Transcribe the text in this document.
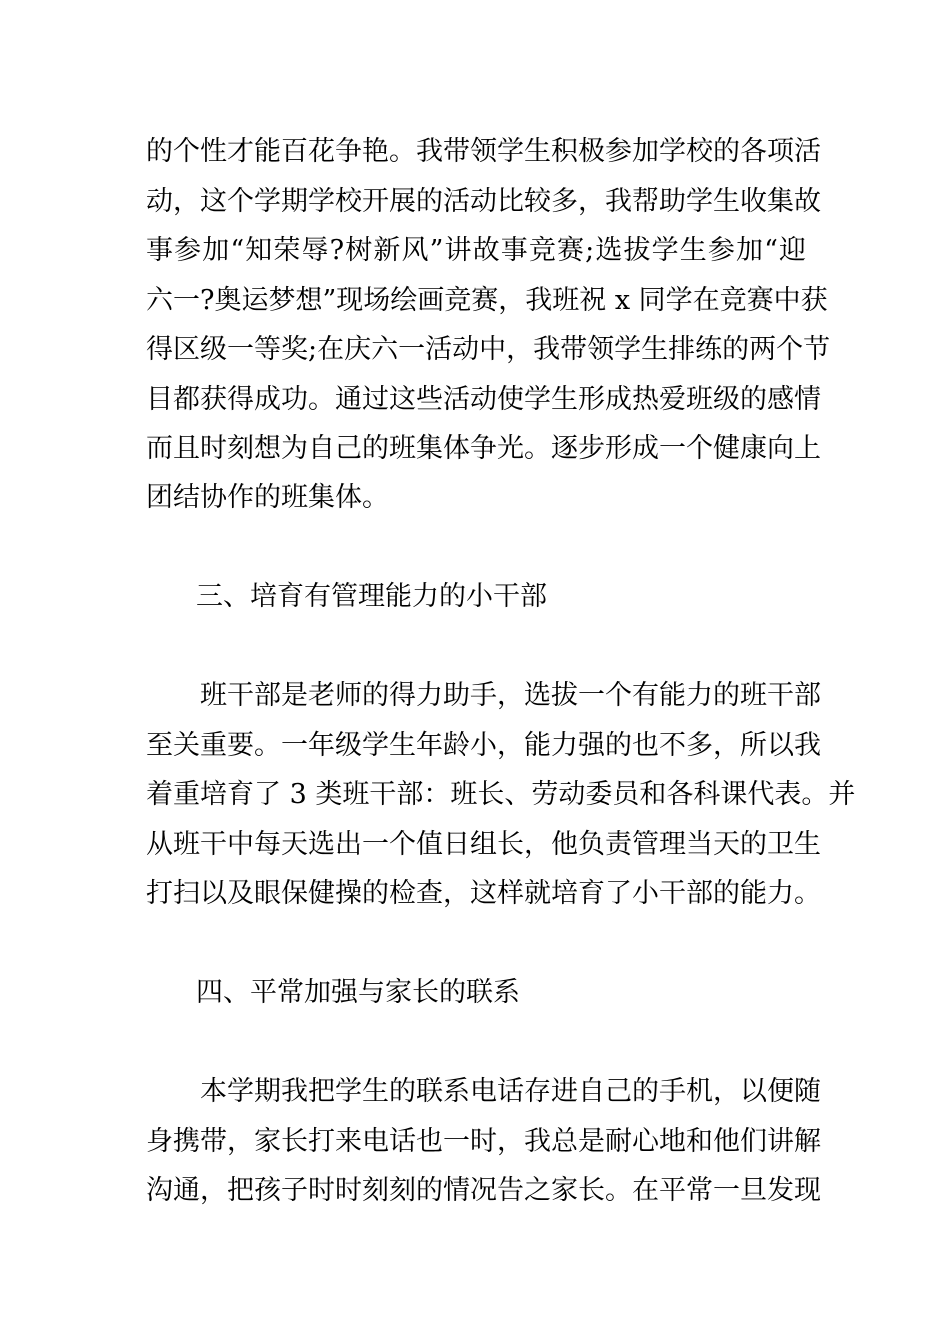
的个性才能百花争艳。我带领学生积极参加学校的各项活
动，这个学期学校开展的活动比较多，我帮助学生收集故
事参加“知荣辱?树新风”讲故事竞赛;选拔学生参加“迎
六一?奥运梦想”现场绘画竞赛，我班祝 x 同学在竞赛中获
得区级一等奖;在庆六一活动中，我带领学生排练的两个节
目都获得成功。通过这些活动使学生形成热爱班级的感情
而且时刻想为自己的班集体争光。逐步形成一个健康向上
团结协作的班集体。
三、培育有管理能力的小干部
班干部是老师的得力助手，选拔一个有能力的班干部
至关重要。一年级学生年龄小，能力强的也不多，所以我
着重培育了 3 类班干部：班长、劳动委员和各科课代表。并
从班干中每天选出一个值日组长，他负责管理当天的卫生
打扫以及眼保健操的检查，这样就培育了小干部的能力。
四、平常加强与家长的联系
本学期我把学生的联系电话存进自己的手机，以便随
身携带，家长打来电话也一时，我总是耐心地和他们讲解
沟通，把孩子时时刻刻的情况告之家长。在平常一旦发现
